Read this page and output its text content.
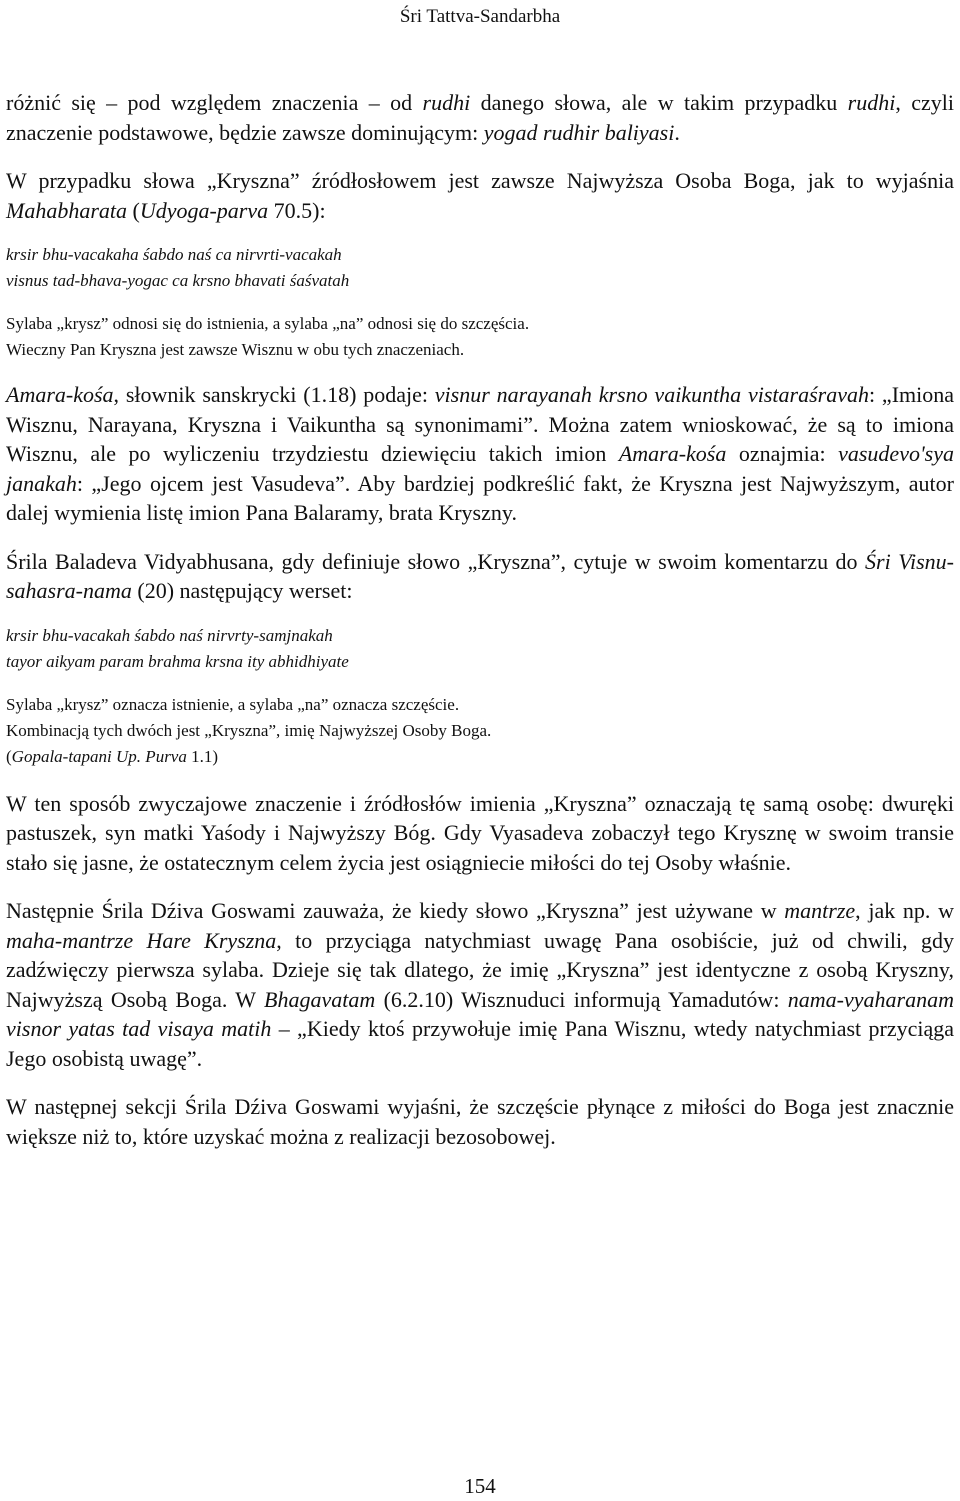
Śri Tattva-Sandarbha

różnić się – pod względem znaczenia – od rudhi danego słowa, ale w takim przypadku rudhi, czyli znaczenie podstawowe, będzie zawsze dominującym: yogad rudhir baliyasi.

W przypadku słowa „Kryszna” źródłosłowem jest zawsze Najwyższa Osoba Boga, jak to wyjaśnia Mahabharata (Udyoga-parva 70.5):

krsir bhu-vacakaha śabdo naś ca nirvrti-vacakah
visnus tad-bhava-yogac ca krsno bhavati śaśvatah
Sylaba „krysz” odnosi się do istnienia, a sylaba „na” odnosi się do szczęścia.
Wieczny Pan Kryszna jest zawsze Wisznu w obu tych znaczeniach.

Amara-kośa, słownik sanskrycki (1.18) podaje: visnur narayanah krsno vaikuntha vistaraśravah: „Imiona Wisznu, Narayana, Kryszna i Vaikuntha są synonimami”. Można zatem wnioskować, że są to imiona Wisznu, ale po wyliczeniu trzydziestu dziewięciu takich imion Amara-kośa oznajmia: vasudevo'sya janakah: „Jego ojcem jest Vasudeva”. Aby bardziej podkreślić fakt, że Kryszna jest Najwyższym, autor dalej wymienia listę imion Pana Balaramy, brata Kryszny.

Śrila Baladeva Vidyabhusana, gdy definiuje słowo „Kryszna”, cytuje w swoim komentarzu do Śri Visnu-sahasra-nama (20) następujący werset:

krsir bhu-vacakah śabdo naś nirvrty-samjnakah
tayor aikyam param brahma krsna ity abhidhiyate
Sylaba „krysz” oznacza istnienie, a sylaba „na” oznacza szczęście.
Kombinacją tych dwóch jest „Kryszna”, imię Najwyższej Osoby Boga.
(Gopala-tapani Up. Purva 1.1)

W ten sposób zwyczajowe znaczenie i źródłosłów imienia „Kryszna” oznaczają tę samą osobę: dwuręki pastuszek, syn matki Yaśody i Najwyższy Bóg. Gdy Vyasadeva zobaczył tego Krysznę w swoim transie stało się jasne, że ostatecznym celem życia jest osiągniecie miłości do tej Osoby właśnie.

Następnie Śrila Dźiva Goswami zauważa, że kiedy słowo „Kryszna” jest używane w mantrze, jak np. w maha-mantrze Hare Kryszna, to przyciąga natychmiast uwagę Pana osobiście, już od chwili, gdy zadźwięczy pierwsza sylaba. Dzieje się tak dlatego, że imię „Kryszna” jest identyczne z osobą Kryszny, Najwyższą Osobą Boga. W Bhagavatam (6.2.10) Wisznuduci informują Yamadutów: nama-vyaharanam visnor yatas tad visaya matih – „Kiedy ktoś przywołuje imię Pana Wisznu, wtedy natychmiast przyciąga Jego osobistą uwagę”.

W następnej sekcji Śrila Dźiva Goswami wyjaśni, że szczęście płynące z miłości do Boga jest znacznie większe niż to, które uzyskać można z realizacji bezosobowej.

154
